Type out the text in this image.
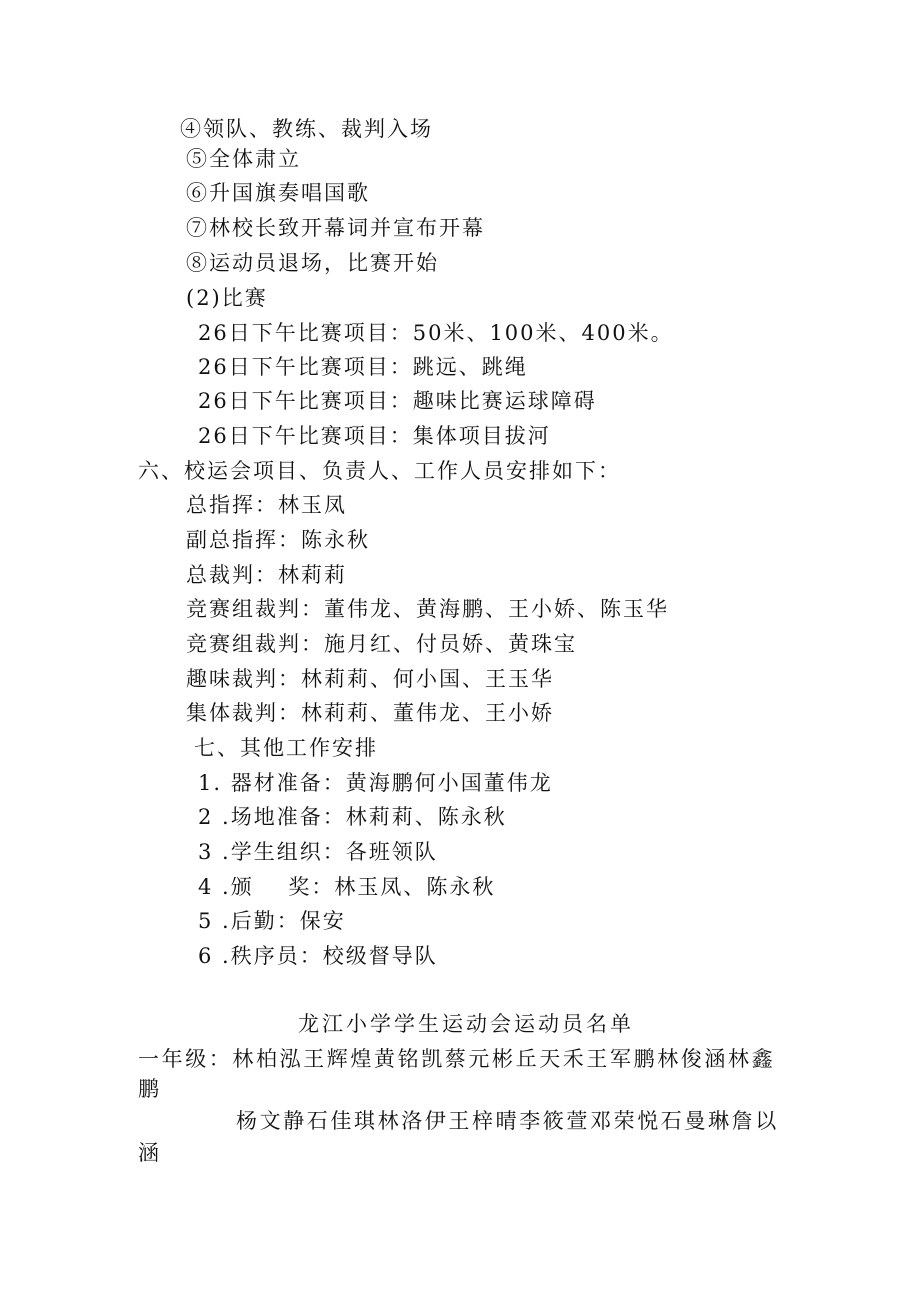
④领队、教练、裁判入场
⑤全体肃立
⑥升国旗奏唱国歌
⑦林校长致开幕词并宣布开幕
⑧运动员退场，比赛开始
(2)比赛
26日下午比赛项目：50米、100米、400米。
26日下午比赛项目：跳远、跳绳
26日下午比赛项目：趣味比赛运球障碍
26日下午比赛项目：集体项目拔河
六、校运会项目、负责人、工作人员安排如下：
总指挥：林玉凤
副总指挥：陈永秋
总裁判：林莉莉
竞赛组裁判：董伟龙、黄海鹏、王小娇、陈玉华
竞赛组裁判：施月红、付员娇、黄珠宝
趣味裁判：林莉莉、何小国、王玉华
集体裁判：林莉莉、董伟龙、王小娇
七、其他工作安排
1. 器材准备：黄海鹏何小国董伟龙
2 .场地准备：林莉莉、陈永秋
3 .学生组织：各班领队
4 .颁    奖：林玉凤、陈永秋
5 .后勤：保安
6 .秩序员：校级督导队
龙江小学学生运动会运动员名单
一年级：林柏泓王辉煌黄铭凯蔡元彬丘天禾王军鹏林俊涵林鑫
鹏
杨文静石佳琪林洛伊王梓晴李筱萱邓荣悦石曼琳詹以
涵
